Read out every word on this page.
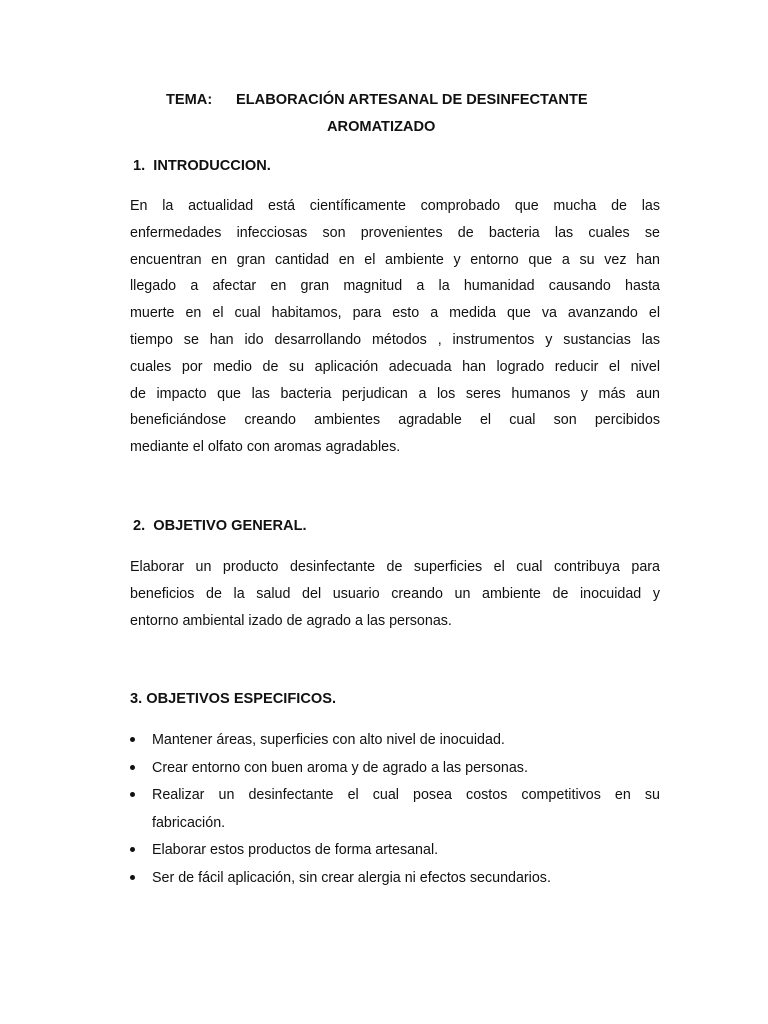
TEMA: ELABORACIÓN ARTESANAL DE DESINFECTANTE
AROMATIZADO
1. INTRODUCCION.
En la actualidad está científicamente comprobado que mucha de las
enfermedades infecciosas son provenientes de bacteria las cuales se
encuentran en gran cantidad en el ambiente y entorno que a su vez han
llegado a afectar en gran magnitud a la humanidad causando hasta
muerte en el cual habitamos, para esto a medida que va avanzando el
tiempo se han ido desarrollando métodos , instrumentos y sustancias las
cuales por medio de su aplicación adecuada han logrado reducir el nivel
de impacto que las bacteria perjudican a los seres humanos y más aun
beneficiándose creando ambientes agradable el cual son percibidos
mediante el olfato con aromas agradables.
2. OBJETIVO GENERAL.
Elaborar un producto desinfectante de superficies el cual contribuya para
beneficios de la salud del usuario creando un ambiente de inocuidad y
entorno ambiental izado de agrado a las personas.
3. OBJETIVOS ESPECIFICOS.
Mantener áreas, superficies con alto nivel de inocuidad.
Crear entorno con buen aroma y de agrado a las personas.
Realizar un desinfectante el cual posea costos competitivos en su
fabricación.
Elaborar estos productos de forma artesanal.
Ser de fácil aplicación, sin crear alergia ni efectos secundarios.
